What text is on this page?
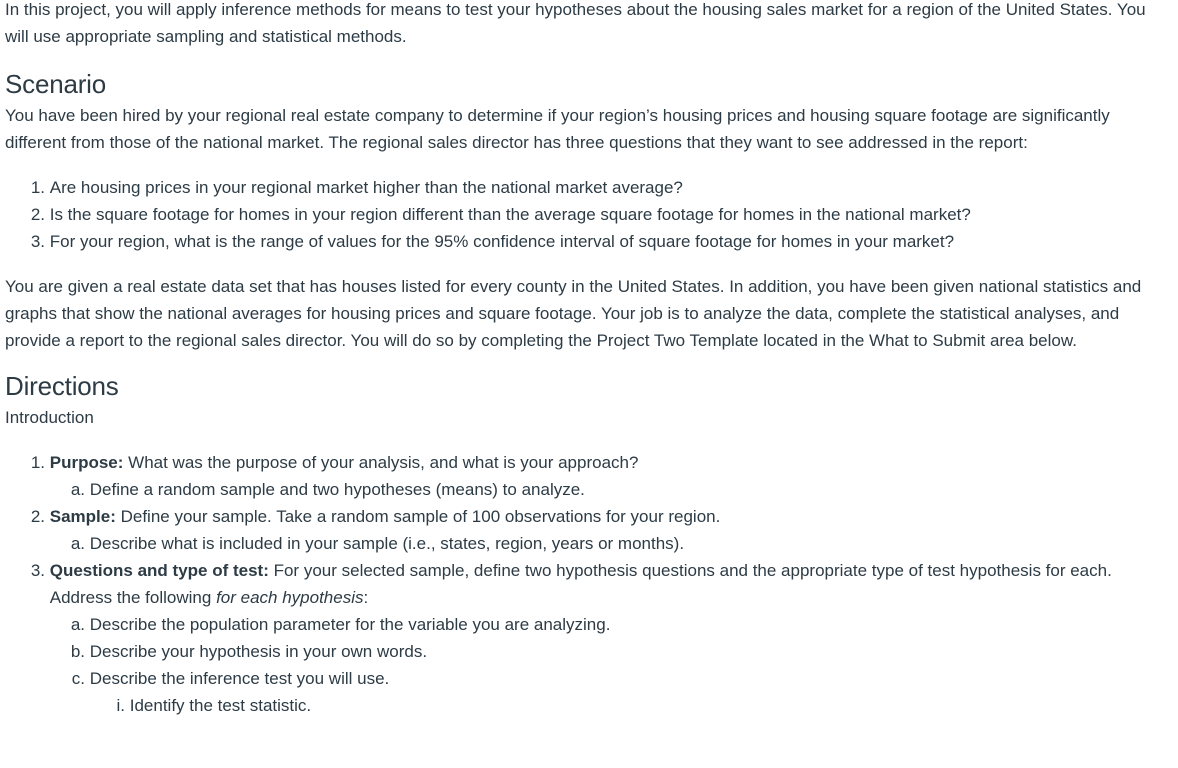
In this project, you will apply inference methods for means to test your hypotheses about the housing sales market for a region of the United States. You will use appropriate sampling and statistical methods.

Scenario

You have been hired by your regional real estate company to determine if your region’s housing prices and housing square footage are significantly different from those of the national market. The regional sales director has three questions that they want to see addressed in the report:

1.
Are housing prices in your regional market higher than the national market average?
2.
Is the square footage for homes in your region different than the average square footage for homes in the national market?
3.
For your region, what is the range of values for the 95% confidence interval of square footage for homes in your market?

You are given a real estate data set that has houses listed for every county in the United States. In addition, you have been given national statistics and graphs that show the national averages for housing prices and square footage. Your job is to analyze the data, complete the statistical analyses, and provide a report to the regional sales director. You will do so by completing the Project Two Template located in the What to Submit area below.

Directions
Introduction
1.
Purpose: What was the purpose of your analysis, and what is your approach?
a.
Define a random sample and two hypotheses (means) to analyze.
2.
Sample: Define your sample. Take a random sample of 100 observations for your region.
a.
Describe what is included in your sample (i.e., states, region, years or months).
3.
Questions and type of test: For your selected sample, define two hypothesis questions and the appropriate type of test hypothesis for each. Address the following for each hypothesis:
a.
Describe the population parameter for the variable you are analyzing.
b.
Describe your hypothesis in your own words.
c.
Describe the inference test you will use.
i.
Identify the test statistic.
